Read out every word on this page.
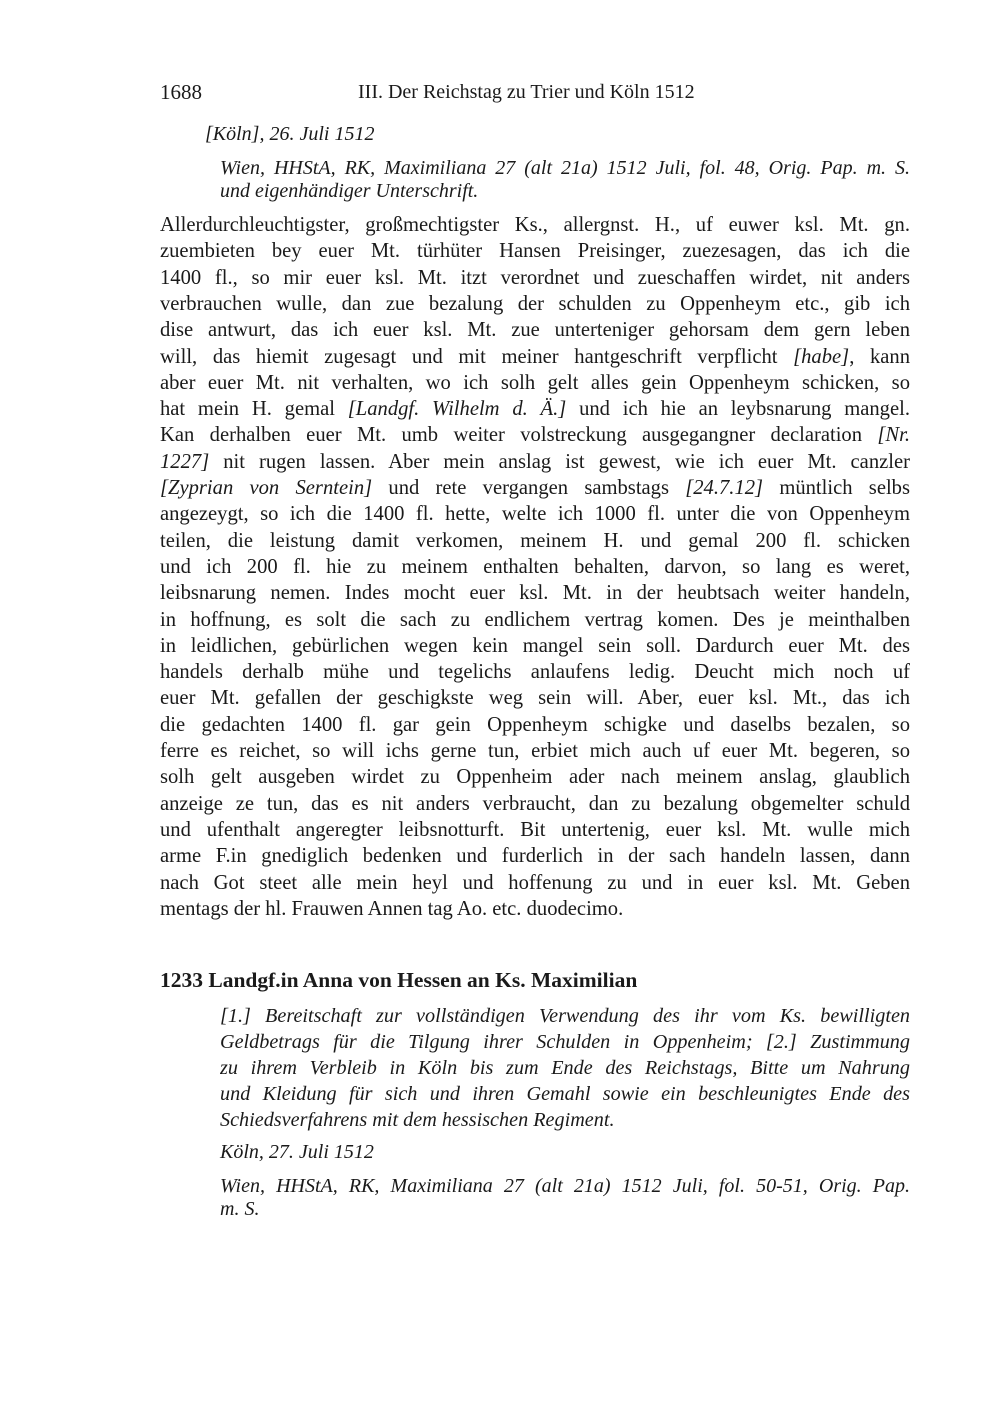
1688	III. Der Reichstag zu Trier und Köln 1512
[Köln], 26. Juli 1512
Wien, HHStA, RK, Maximiliana 27 (alt 21a) 1512 Juli, fol. 48, Orig. Pap. m. S.
und eigenhändiger Unterschrift.
Allerdurchleuchtigster, großmechtigster Ks., allergnst. H., uf euwer ksl. Mt. gn.
zuembieten bey euer Mt. türhüter Hansen Preisinger, zuezesagen, das ich die
1400 fl., so mir euer ksl. Mt. itzt verordnet und zueschaffen wirdet, nit anders
verbrauchen wulle, dan zue bezalung der schulden zu Oppenheym etc., gib ich
dise antwurt, das ich euer ksl. Mt. zue unterteniger gehorsam dem gern leben
will, das hiemit zugesagt und mit meiner hantgeschrift verpflicht [habe], kann
aber euer Mt. nit verhalten, wo ich solh gelt alles gein Oppenheym schicken, so
hat mein H. gemal [Landgf. Wilhelm d. Ä.] und ich hie an leybsnarung mangel.
Kan derhalben euer Mt. umb weiter volstreckung ausgegangner declaration [Nr.
1227] nit rugen lassen. Aber mein anslag ist gewest, wie ich euer Mt. canzler
[Zyprian von Serntein] und rete vergangen sambstags [24.7.12] müntlich selbs
angezeygt, so ich die 1400 fl. hette, welte ich 1000 fl. unter die von Oppenheym
teilen, die leistung damit verkomen, meinem H. und gemal 200 fl. schicken
und ich 200 fl. hie zu meinem enthalten behalten, darvon, so lang es weret,
leibsnarung nemen. Indes mocht euer ksl. Mt. in der heubtsach weiter handeln,
in hoffnung, es solt die sach zu endlichem vertrag komen. Des je meinthalben
in leidlichen, gebürlichen wegen kein mangel sein soll. Dardurch euer Mt. des
handels derhalb mühe und tegelichs anlaufens ledig. Deucht mich noch uf
euer Mt. gefallen der geschigkste weg sein will. Aber, euer ksl. Mt., das ich
die gedachten 1400 fl. gar gein Oppenheym schigke und daselbs bezalen, so
ferre es reichet, so will ichs gerne tun, erbiet mich auch uf euer Mt. begeren, so
solh gelt ausgeben wirdet zu Oppenheim ader nach meinem anslag, glaublich
anzeige ze tun, das es nit anders verbraucht, dan zu bezalung obgemelter schuld
und ufenthalt angeregter leibsnotturft. Bit untertenig, euer ksl. Mt. wulle mich
arme F.in gnediglich bedenken und furderlich in der sach handeln lassen, dann
nach Got steet alle mein heyl und hoffenung zu und in euer ksl. Mt. Geben
mentags der hl. Frauwen Annen tag Ao. etc. duodecimo.
1233 Landgf.in Anna von Hessen an Ks. Maximilian
[1.] Bereitschaft zur vollständigen Verwendung des ihr vom Ks. bewilligten
Geldbetrags für die Tilgung ihrer Schulden in Oppenheim; [2.] Zustimmung
zu ihrem Verbleib in Köln bis zum Ende des Reichstags, Bitte um Nahrung
und Kleidung für sich und ihren Gemahl sowie ein beschleunigtes Ende des
Schiedsverfahrens mit dem hessischen Regiment.
Köln, 27. Juli 1512
Wien, HHStA, RK, Maximiliana 27 (alt 21a) 1512 Juli, fol. 50-51, Orig. Pap.
m. S.
